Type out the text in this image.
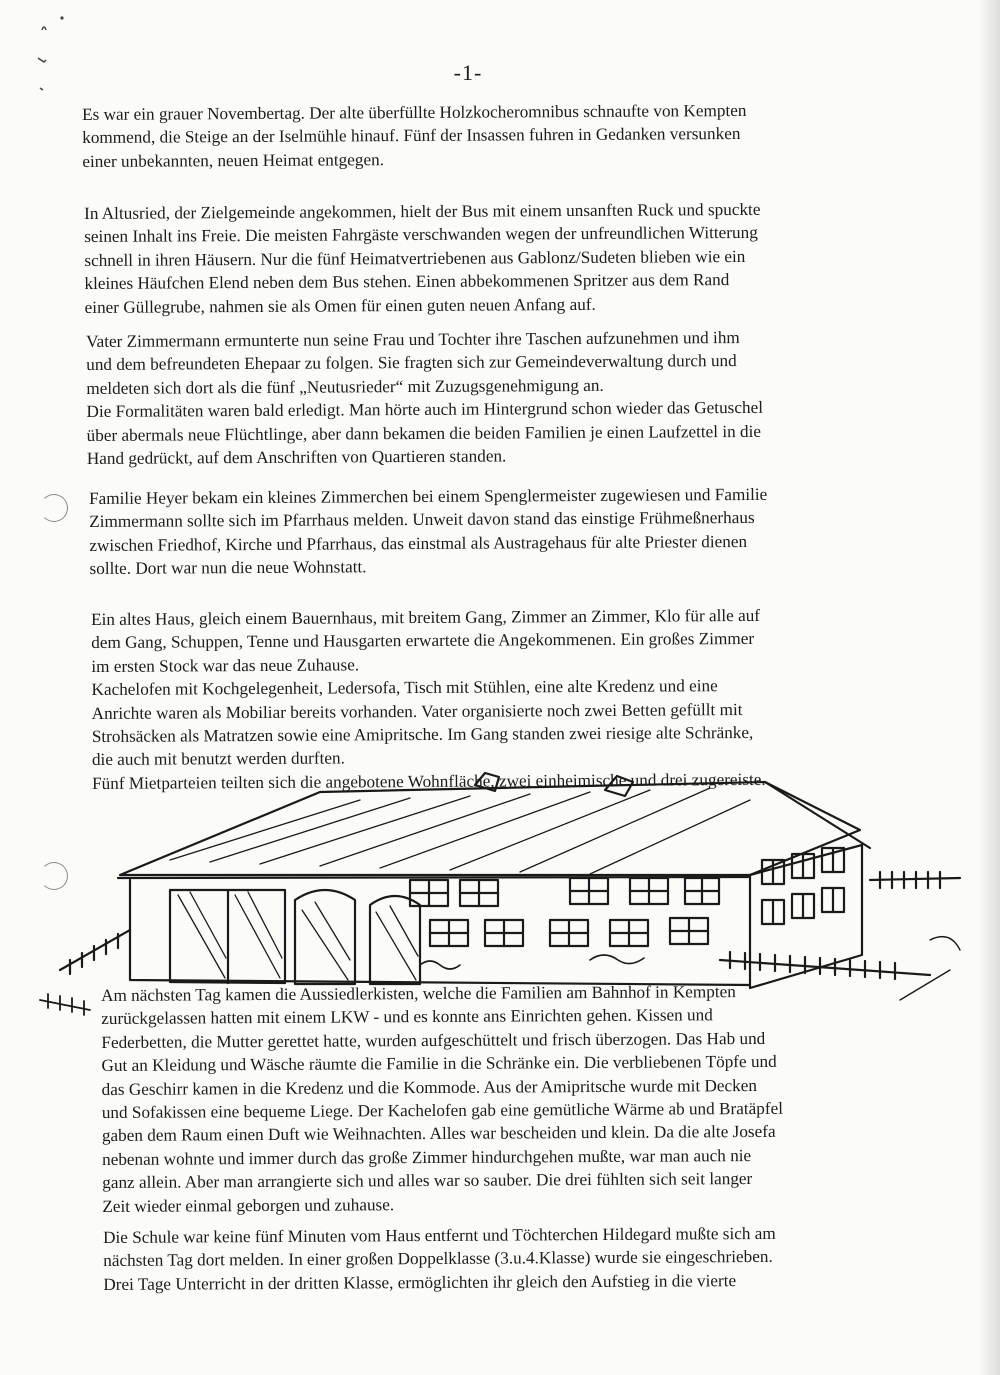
-1-

Es war ein grauer Novembertag. Der alte überfüllte Holzkocheromnibus schnaufte von Kempten
kommend, die Steige an der Iselmühle hinauf. Fünf der Insassen fuhren in Gedanken versunken
einer unbekannten, neuen Heimat entgegen.

In Altusried, der Zielgemeinde angekommen, hielt der Bus mit einem unsanften Ruck und spuckte
seinen Inhalt ins Freie. Die meisten Fahrgäste verschwanden wegen der unfreundlichen Witterung
schnell in ihren Häusern. Nur die fünf Heimatvertriebenen aus Gablonz/Sudeten blieben wie ein
kleines Häufchen Elend neben dem Bus stehen. Einen abbekommenen Spritzer aus dem Rand
einer Güllegrube, nahmen sie als Omen für einen guten neuen Anfang auf.

Vater Zimmermann ermunterte nun seine Frau und Tochter ihre Taschen aufzunehmen und ihm
und dem befreundeten Ehepaar zu folgen. Sie fragten sich zur Gemeindeverwaltung durch und
meldeten sich dort als die fünf „Neutusrieder“ mit Zuzugsgenehmigung an.
Die Formalitäten waren bald erledigt. Man hörte auch im Hintergrund schon wieder das Getuschel
über abermals neue Flüchtlinge, aber dann bekamen die beiden Familien je einen Laufzettel in die
Hand gedrückt, auf dem Anschriften von Quartieren standen.

Familie Heyer bekam ein kleines Zimmerchen bei einem Spenglermeister zugewiesen und Familie
Zimmermann sollte sich im Pfarrhaus melden. Unweit davon stand das einstige Frühmeßnerhaus
zwischen Friedhof, Kirche und Pfarrhaus, das einstmal als Austragehaus für alte Priester dienen
sollte. Dort war nun die neue Wohnstatt.

Ein altes Haus, gleich einem Bauernhaus, mit breitem Gang, Zimmer an Zimmer, Klo für alle auf
dem Gang, Schuppen, Tenne und Hausgarten erwartete die Angekommenen. Ein großes Zimmer
im ersten Stock war das neue Zuhause.
Kachelofen mit Kochgelegenheit, Ledersofa, Tisch mit Stühlen, eine alte Kredenz und eine
Anrichte waren als Mobiliar bereits vorhanden. Vater organisierte noch zwei Betten gefüllt mit
Strohsäcken als Matratzen sowie eine Amipritsche. Im Gang standen zwei riesige alte Schränke,
die auch mit benutzt werden durften.
Fünf Mietparteien teilten sich die angebotene Wohnfläche, zwei einheimische und drei zugereiste.

Am nächsten Tag kamen die Aussiedlerkisten, welche die Familien am Bahnhof in Kempten
zurückgelassen hatten mit einem LKW - und es konnte ans Einrichten gehen. Kissen und
Federbetten, die Mutter gerettet hatte, wurden aufgeschüttelt und frisch überzogen. Das Hab und
Gut an Kleidung und Wäsche räumte die Familie in die Schränke ein. Die verbliebenen Töpfe und
das Geschirr kamen in die Kredenz und die Kommode. Aus der Amipritsche wurde mit Decken
und Sofakissen eine bequeme Liege. Der Kachelofen gab eine gemütliche Wärme ab und Bratäpfel
gaben dem Raum einen Duft wie Weihnachten. Alles war bescheiden und klein. Da die alte Josefa
nebenan wohnte und immer durch das große Zimmer hindurchgehen mußte, war man auch nie
ganz allein. Aber man arrangierte sich und alles war so sauber. Die drei fühlten sich seit langer
Zeit wieder einmal geborgen und zuhause.

Die Schule war keine fünf Minuten vom Haus entfernt und Töchterchen Hildegard mußte sich am
nächsten Tag dort melden. In einer großen Doppelklasse (3.u.4.Klasse) wurde sie eingeschrieben.
Drei Tage Unterricht in der dritten Klasse, ermöglichten ihr gleich den Aufstieg in die vierte
